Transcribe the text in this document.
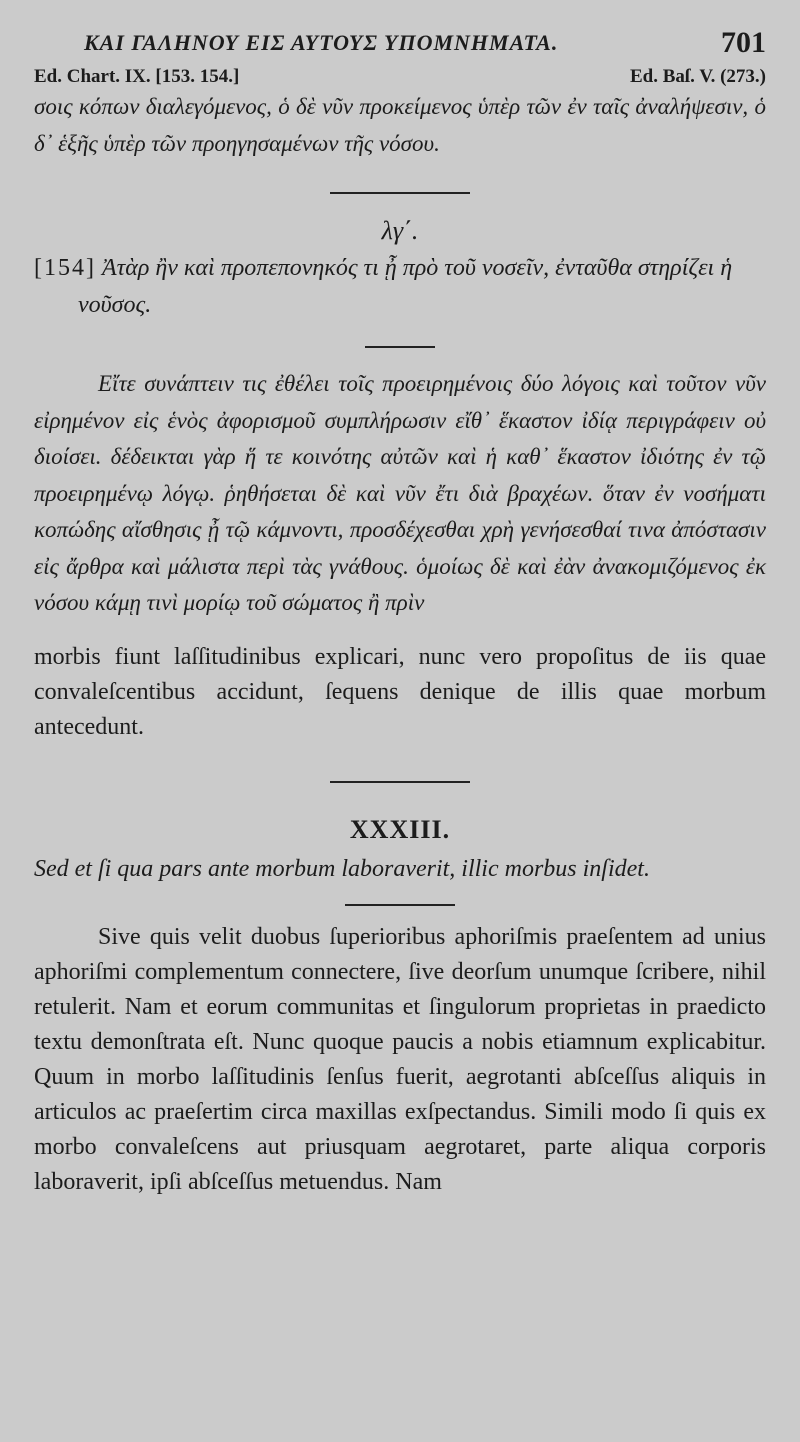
ΚΑΙ ΓΑΛΗΝΟΥ ΕΙΣ ΑΥΤΟΥΣ ΥΠΟΜΝΗΜΑΤΑ.	701
Ed. Chart. IX. [153. 154.]	Ed. Baſ. V. (273.)
σοις κόπων διαλεγόμενος, ὁ δὲ νῦν προκείμενος ὑπὲρ τῶν ἐν ταῖς ἀναλήψεσιν, ὁ δ᾽ ἑξῆς ὑπὲρ τῶν προηγησαμένων τῆς νόσου.
λγ΄.
[154] Ἀτὰρ ἢν καὶ προπεπονηκός τι ᾖ πρὸ τοῦ νοσεῖν, ἐνταῦθα στηρίζει ἡ νοῦσος.
Εἴτε συνάπτειν τις ἐθέλει τοῖς προειρημένοις δύο λόγοις καὶ τοῦτον νῦν εἰρημένον εἰς ἑνὸς ἀφορισμοῦ συμπλήρωσιν εἴθ᾽ ἕκαστον ἰδίᾳ περιγράφειν οὐ διοίσει. δέδεικται γὰρ ἥ τε κοινότης αὐτῶν καὶ ἡ καθ᾽ ἕκαστον ἰδιότης ἐν τῷ προειρημένῳ λόγῳ. ῥηθήσεται δὲ καὶ νῦν ἔτι διὰ βραχέων. ὅταν ἐν νοσήματι κοπώδης αἴσθησις ᾖ τῷ κάμνοντι, προσδέχεσθαι χρὴ γενήσεσθαί τινα ἀπόστασιν εἰς ἄρθρα καὶ μάλιστα περὶ τὰς γνάθους. ὁμοίως δὲ καὶ ἐὰν ἀνακομιζόμενος ἐκ νόσου κάμῃ τινὶ μορίῳ τοῦ σώματος ἢ πρὶν
morbis fiunt laſſitudinibus explicari, nunc vero propoſitus de iis quae convaleſcentibus accidunt, ſequens denique de illis quae morbum antecedunt.
XXXIII.
Sed et ſi qua pars ante morbum laboraverit, illic morbus inſidet.
Sive quis velit duobus ſuperioribus aphoriſmis praeſentem ad unius aphoriſmi complementum connectere, ſive deorſum unumque ſcribere, nihil retulerit. Nam et eorum communitas et ſingulorum proprietas in praedicto textu demonſtrata eſt. Nunc quoque paucis a nobis etiamnum explicabitur. Quum in morbo laſſitudinis ſenſus fuerit, aegrotanti abſceſſus aliquis in articulos ac praeſertim circa maxillas exſpectandus. Simili modo ſi quis ex morbo convaleſcens aut priusquam aegrotaret, parte aliqua corporis laboraverit, ipſi abſceſſus metuendus. Nam
